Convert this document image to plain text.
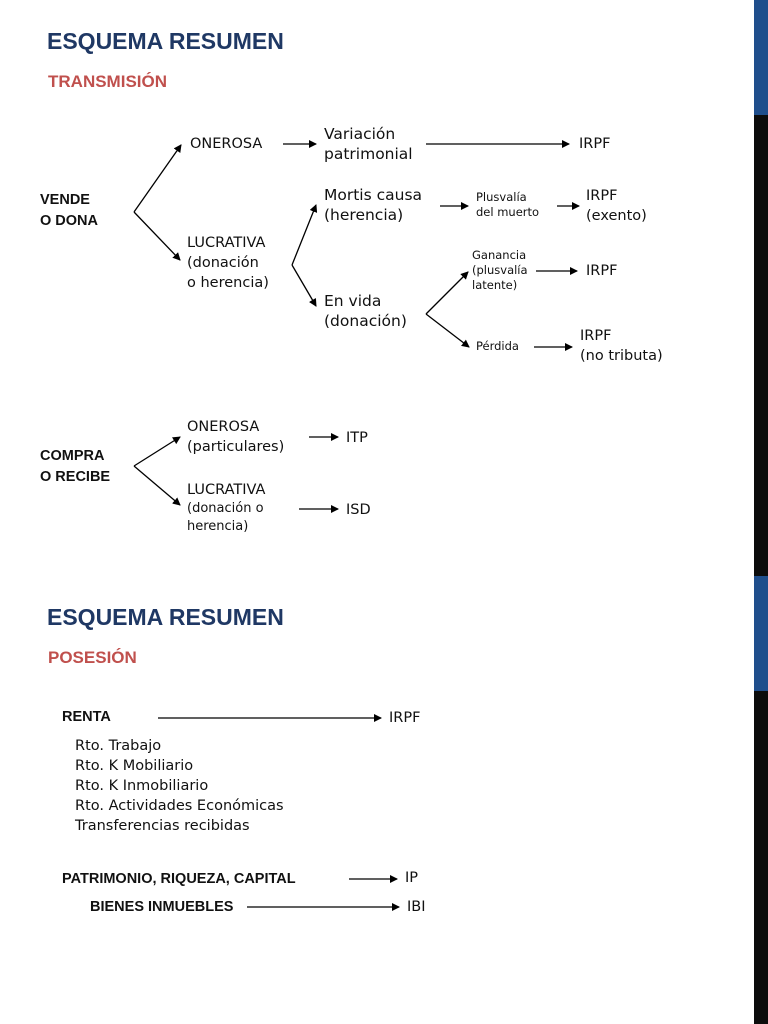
ESQUEMA RESUMEN
TRANSMISIÓN
VENDE
O DONA
ONEROSA
Variación
patrimonial
IRPF
LUCRATIVA
(donación
o herencia)
Mortis causa
(herencia)
Plusvalía
del muerto
IRPF
(exento)
En vida
(donación)
Ganancia
(plusvalía
latente)
IRPF
Pérdida
IRPF
(no tributa)
COMPRA
O RECIBE
ONEROSA
(particulares)
ITP
LUCRATIVA
(donación o
herencia)
ISD
ESQUEMA RESUMEN
POSESIÓN
RENTA	IRPF
Rto. Trabajo
Rto. K Mobiliario
Rto. K Inmobiliario
Rto. Actividades Económicas
Transferencias recibidas
PATRIMONIO, RIQUEZA, CAPITAL	IP
BIENES INMUEBLES	IBI
